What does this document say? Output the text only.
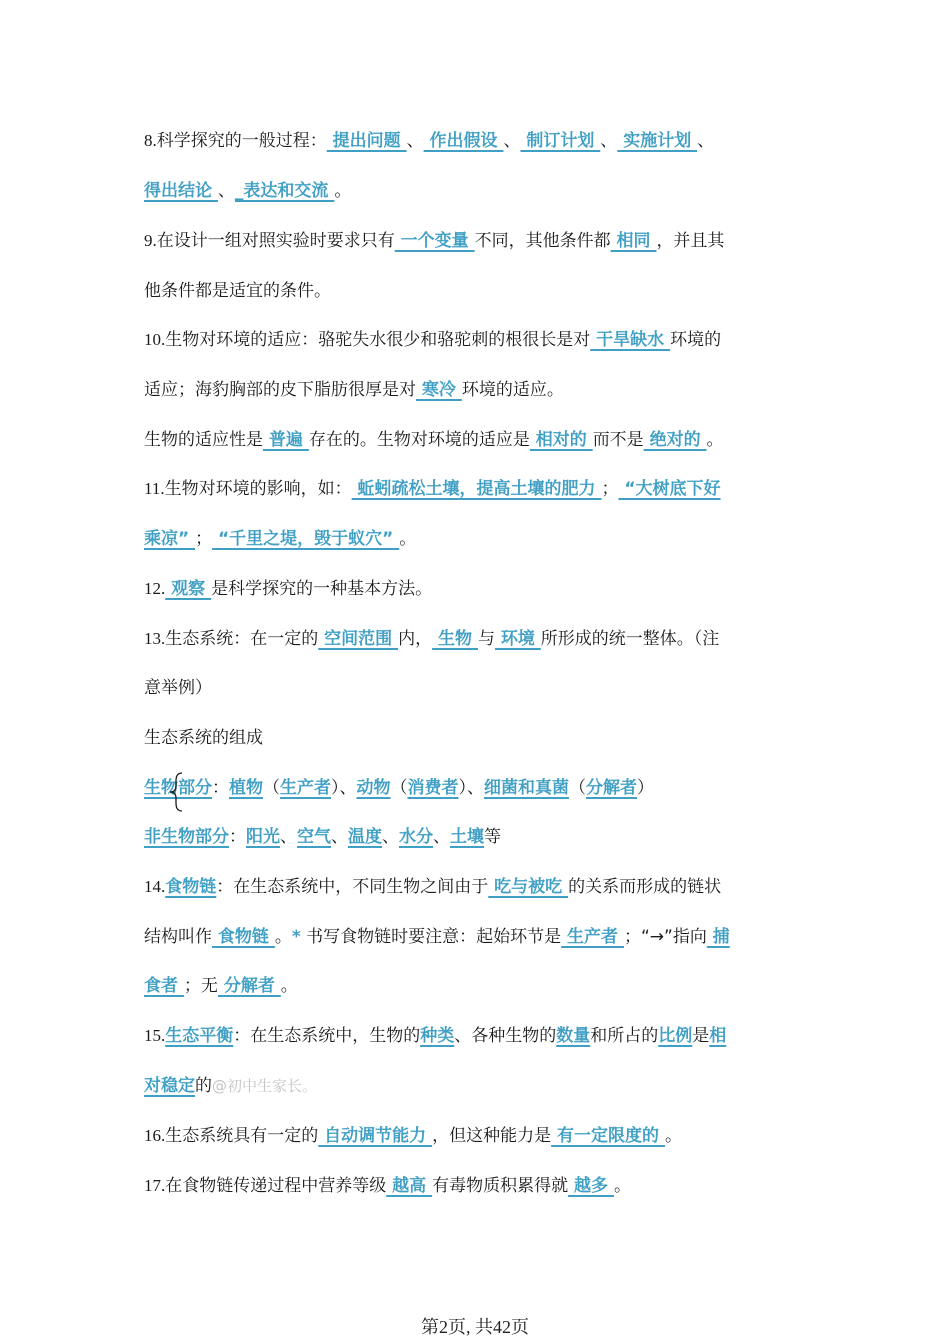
8.科学探究的一般过程： 提出问题 、 作出假设 、 制订计划 、 实施计划 、
得出结论 、_表达和交流 。
9.在设计一组对照实验时要求只有 一个变量 不同，其他条件都 相同 ，并且其
他条件都是适宜的条件。
10.生物对环境的适应：骆驼失水很少和骆驼刺的根很长是对 干旱缺水 环境的
适应；海豹胸部的皮下脂肪很厚是对 寒冷 环境的适应。
生物的适应性是 普遍 存在的。生物对环境的适应是 相对的 而不是 绝对的 。
11.生物对环境的影响，如： 蚯蚓疏松土壤，提高土壤的肥力 ； “大树底下好
乘凉” ； “千里之堤，毁于蚁穴” 。
12. 观察 是科学探究的一种基本方法。
13.生态系统：在一定的 空间范围 内， 生物 与 环境 所形成的统一整体。（注
意举例）
生态系统的组成
生物部分：植物（生产者）、动物（消费者）、细菌和真菌（分解者）
非生物部分：阳光、空气、温度、水分、土壤等
14.食物链：在生态系统中，不同生物之间由于 吃与被吃 的关系而形成的链状
结构叫作 食物链 。* 书写食物链时要注意：起始环节是 生产者 ；“→”指向 捕
食者 ；无 分解者 。
15.生态平衡：在生态系统中，生物的种类、各种生物的数量和所占的比例是相
对稳定的@初中生家长。
16.生态系统具有一定的 自动调节能力 ，但这种能力是 有一定限度的 。
17.在食物链传递过程中营养等级 越高 有毒物质积累得就 越多 。
第2页, 共42页
